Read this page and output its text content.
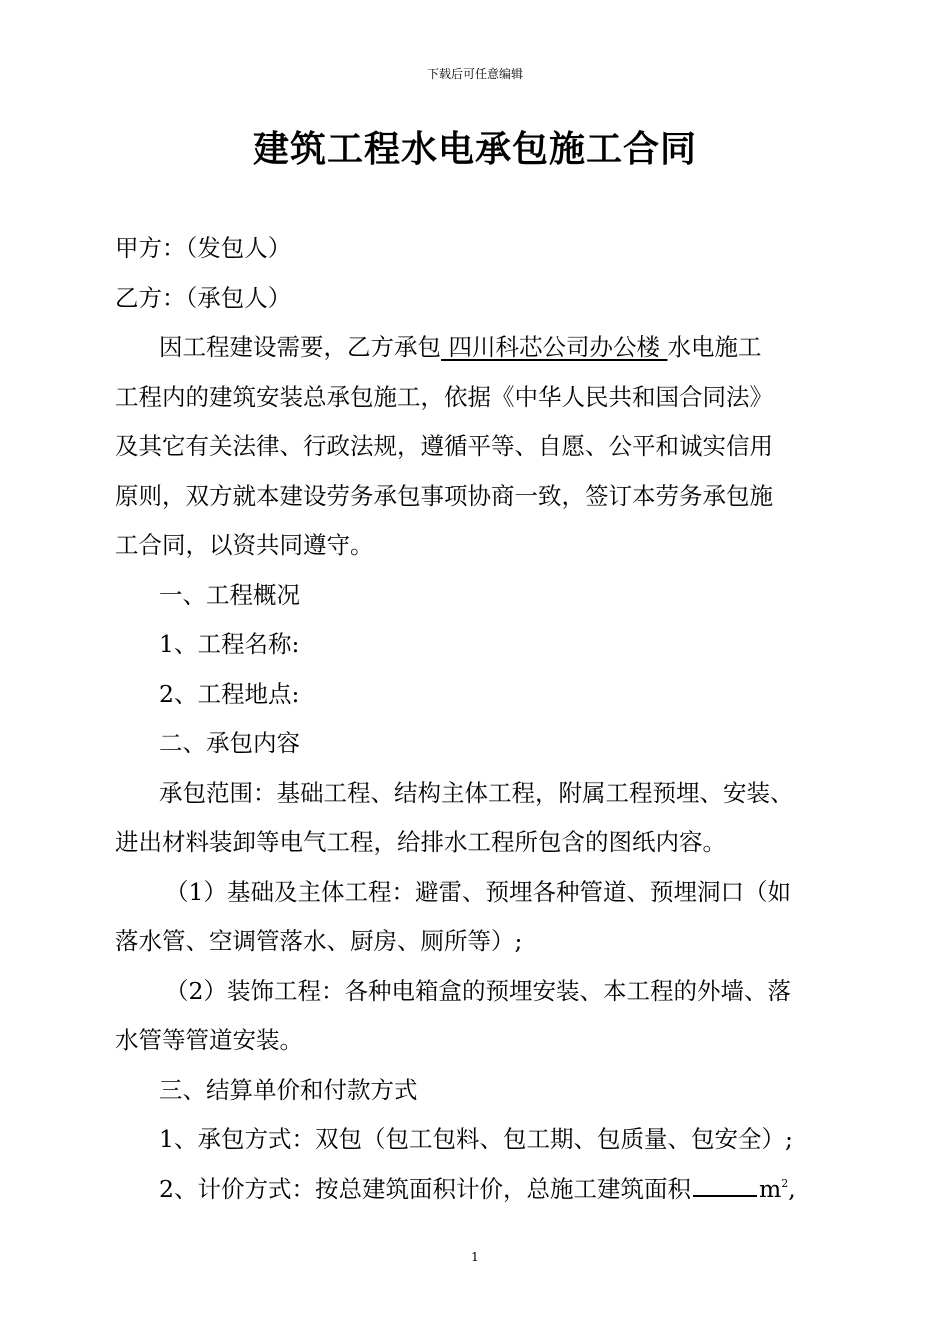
下载后可任意编辑
建筑工程水电承包施工合同
甲方：（发包人）
乙方：（承包人）
因工程建设需要，乙方承包 四川科芯公司办公楼 水电施工
工程内的建筑安装总承包施工，依据《中华人民共和国合同法》
及其它有关法律、行政法规，遵循平等、自愿、公平和诚实信用
原则，双方就本建设劳务承包事项协商一致，签订本劳务承包施
工合同，以资共同遵守。
一、工程概况
1、工程名称:
2、工程地点:
二、承包内容
承包范围：基础工程、结构主体工程，附属工程预埋、安装、
进出材料装卸等电气工程，给排水工程所包含的图纸内容。
（1）基础及主体工程：避雷、预埋各种管道、预埋洞口（如
落水管、空调管落水、厨房、厕所等）;
（2）装饰工程：各种电箱盒的预埋安装、本工程的外墙、落
水管等管道安装。
三、结算单价和付款方式
1、承包方式：双包（包工包料、包工期、包质量、包安全）;
2、计价方式：按总建筑面积计价，总施工建筑面积	$m^2$,
1
